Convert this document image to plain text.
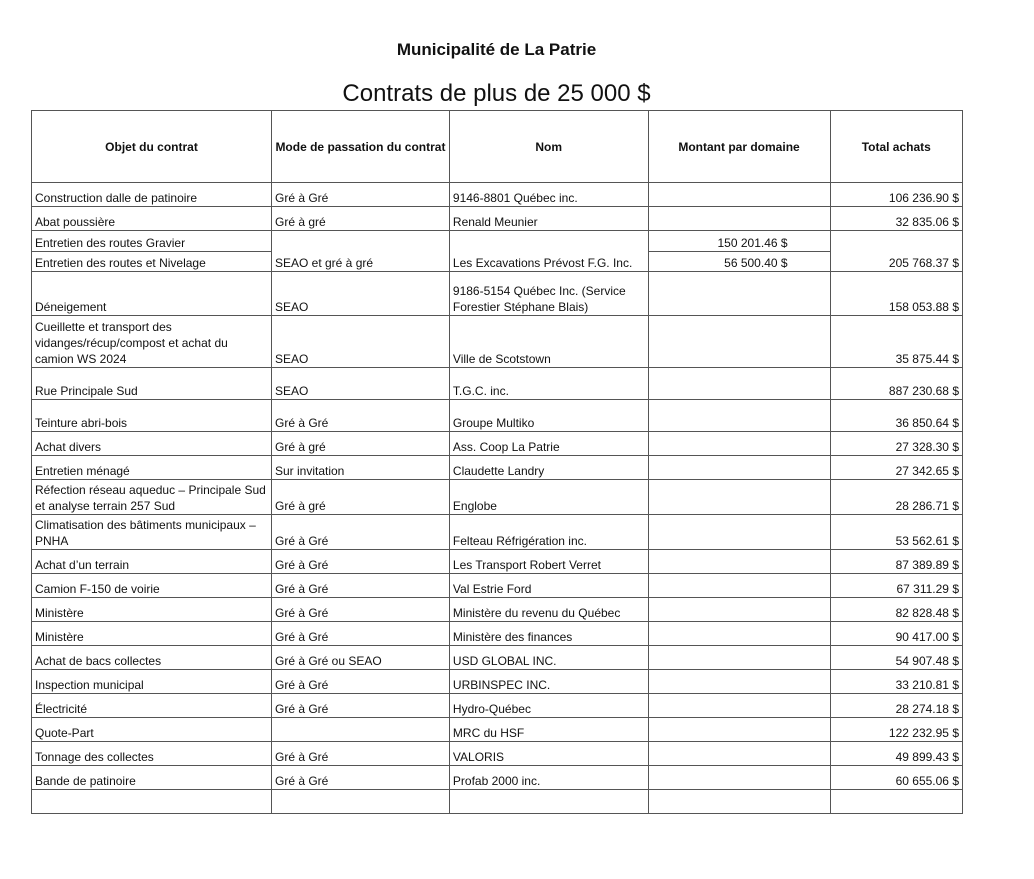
Municipalité de La Patrie
Contrats de plus de 25 000 $
Objet du contrat	Mode de passation du contrat	Nom	Montant par domaine	Total achats
Construction dalle de patinoire	Gré à Gré	9146-8801 Québec inc.		106 236.90 $
Abat poussière	Gré à gré	Renald Meunier		32 835.06 $
Entretien des routes Gravier	SEAO et gré à gré	Les Excavations Prévost F.G. Inc.	150 201.46 $	205 768.37 $
Entretien des routes et Nivelage			56 500.40 $	
Déneigement	SEAO	9186-5154 Québec Inc. (Service Forestier Stéphane Blais)		158 053.88 $
Cueillette et transport des vidanges/récup/compost et achat du camion WS 2024	SEAO	Ville de Scotstown		35 875.44 $
Rue Principale Sud	SEAO	T.G.C. inc.		887 230.68 $
Teinture abri-bois	Gré à Gré	Groupe Multiko		36 850.64 $
Achat divers	Gré à gré	Ass. Coop La Patrie		27 328.30 $
Entretien ménagé	Sur invitation	Claudette Landry		27 342.65 $
Réfection réseau aqueduc – Principale Sud et analyse terrain 257 Sud	Gré à gré	Englobe		28 286.71 $
Climatisation des bâtiments municipaux – PNHA	Gré à Gré	Felteau Réfrigération inc.		53 562.61 $
Achat d’un terrain	Gré à Gré	Les Transport Robert Verret		87 389.89 $
Camion F-150 de voirie	Gré à Gré	Val Estrie Ford		67 311.29 $
Ministère	Gré à Gré	Ministère du revenu du Québec		82 828.48 $
Ministère	Gré à Gré	Ministère des finances		90 417.00 $
Achat de bacs collectes	Gré à Gré ou SEAO	USD GLOBAL INC.		54 907.48 $
Inspection municipal	Gré à Gré	URBINSPEC INC.		33 210.81 $
Électricité	Gré à Gré	Hydro-Québec		28 274.18 $
Quote-Part		MRC du HSF		122 232.95 $
Tonnage des collectes	Gré à Gré	VALORIS		49 899.43 $
Bande de patinoire	Gré à Gré	Profab 2000 inc.		60 655.06 $
